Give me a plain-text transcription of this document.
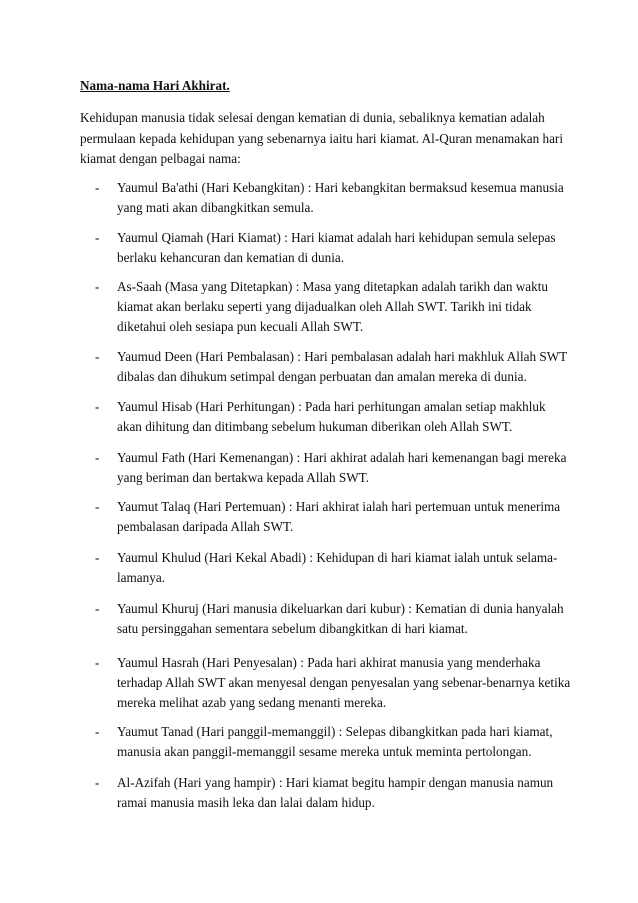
Nama-nama Hari Akhirat.
Kehidupan manusia tidak selesai dengan kematian di dunia, sebaliknya kematian adalah
permulaan kepada kehidupan yang sebenarnya iaitu hari kiamat. Al-Quran menamakan hari
kiamat dengan pelbagai nama:
- Yaumul Ba'athi (Hari Kebangkitan) : Hari kebangkitan bermaksud kesemua manusia
yang mati akan dibangkitkan semula.
- Yaumul Qiamah (Hari Kiamat) : Hari kiamat adalah hari kehidupan semula selepas
berlaku kehancuran dan kematian di dunia.
- As-Saah (Masa yang Ditetapkan) : Masa yang ditetapkan adalah tarikh dan waktu
kiamat akan berlaku seperti yang dijadualkan oleh Allah SWT. Tarikh ini tidak
diketahui oleh sesiapa pun kecuali Allah SWT.
- Yaumud Deen (Hari Pembalasan) : Hari pembalasan adalah hari makhluk Allah SWT
dibalas dan dihukum setimpal dengan perbuatan dan amalan mereka di dunia.
- Yaumul Hisab (Hari Perhitungan) : Pada hari perhitungan amalan setiap makhluk
akan dihitung dan ditimbang sebelum hukuman diberikan oleh Allah SWT.
- Yaumul Fath (Hari Kemenangan) : Hari akhirat adalah hari kemenangan bagi mereka
yang beriman dan bertakwa kepada Allah SWT.
- Yaumut Talaq (Hari Pertemuan) : Hari akhirat ialah hari pertemuan untuk menerima
pembalasan daripada Allah SWT.
- Yaumul Khulud (Hari Kekal Abadi) : Kehidupan di hari kiamat ialah untuk selama-
lamanya.
- Yaumul Khuruj (Hari manusia dikeluarkan dari kubur) : Kematian di dunia hanyalah
satu persinggahan sementara sebelum dibangkitkan di hari kiamat.
- Yaumul Hasrah (Hari Penyesalan) : Pada hari akhirat manusia yang menderhaka
terhadap Allah SWT akan menyesal dengan penyesalan yang sebenar-benarnya ketika
mereka melihat azab yang sedang menanti mereka.
- Yaumut Tanad (Hari panggil-memanggil) : Selepas dibangkitkan pada hari kiamat,
manusia akan panggil-memanggil sesame mereka untuk meminta pertolongan.
- Al-Azifah (Hari yang hampir) : Hari kiamat begitu hampir dengan manusia namun
ramai manusia masih leka dan lalai dalam hidup.
